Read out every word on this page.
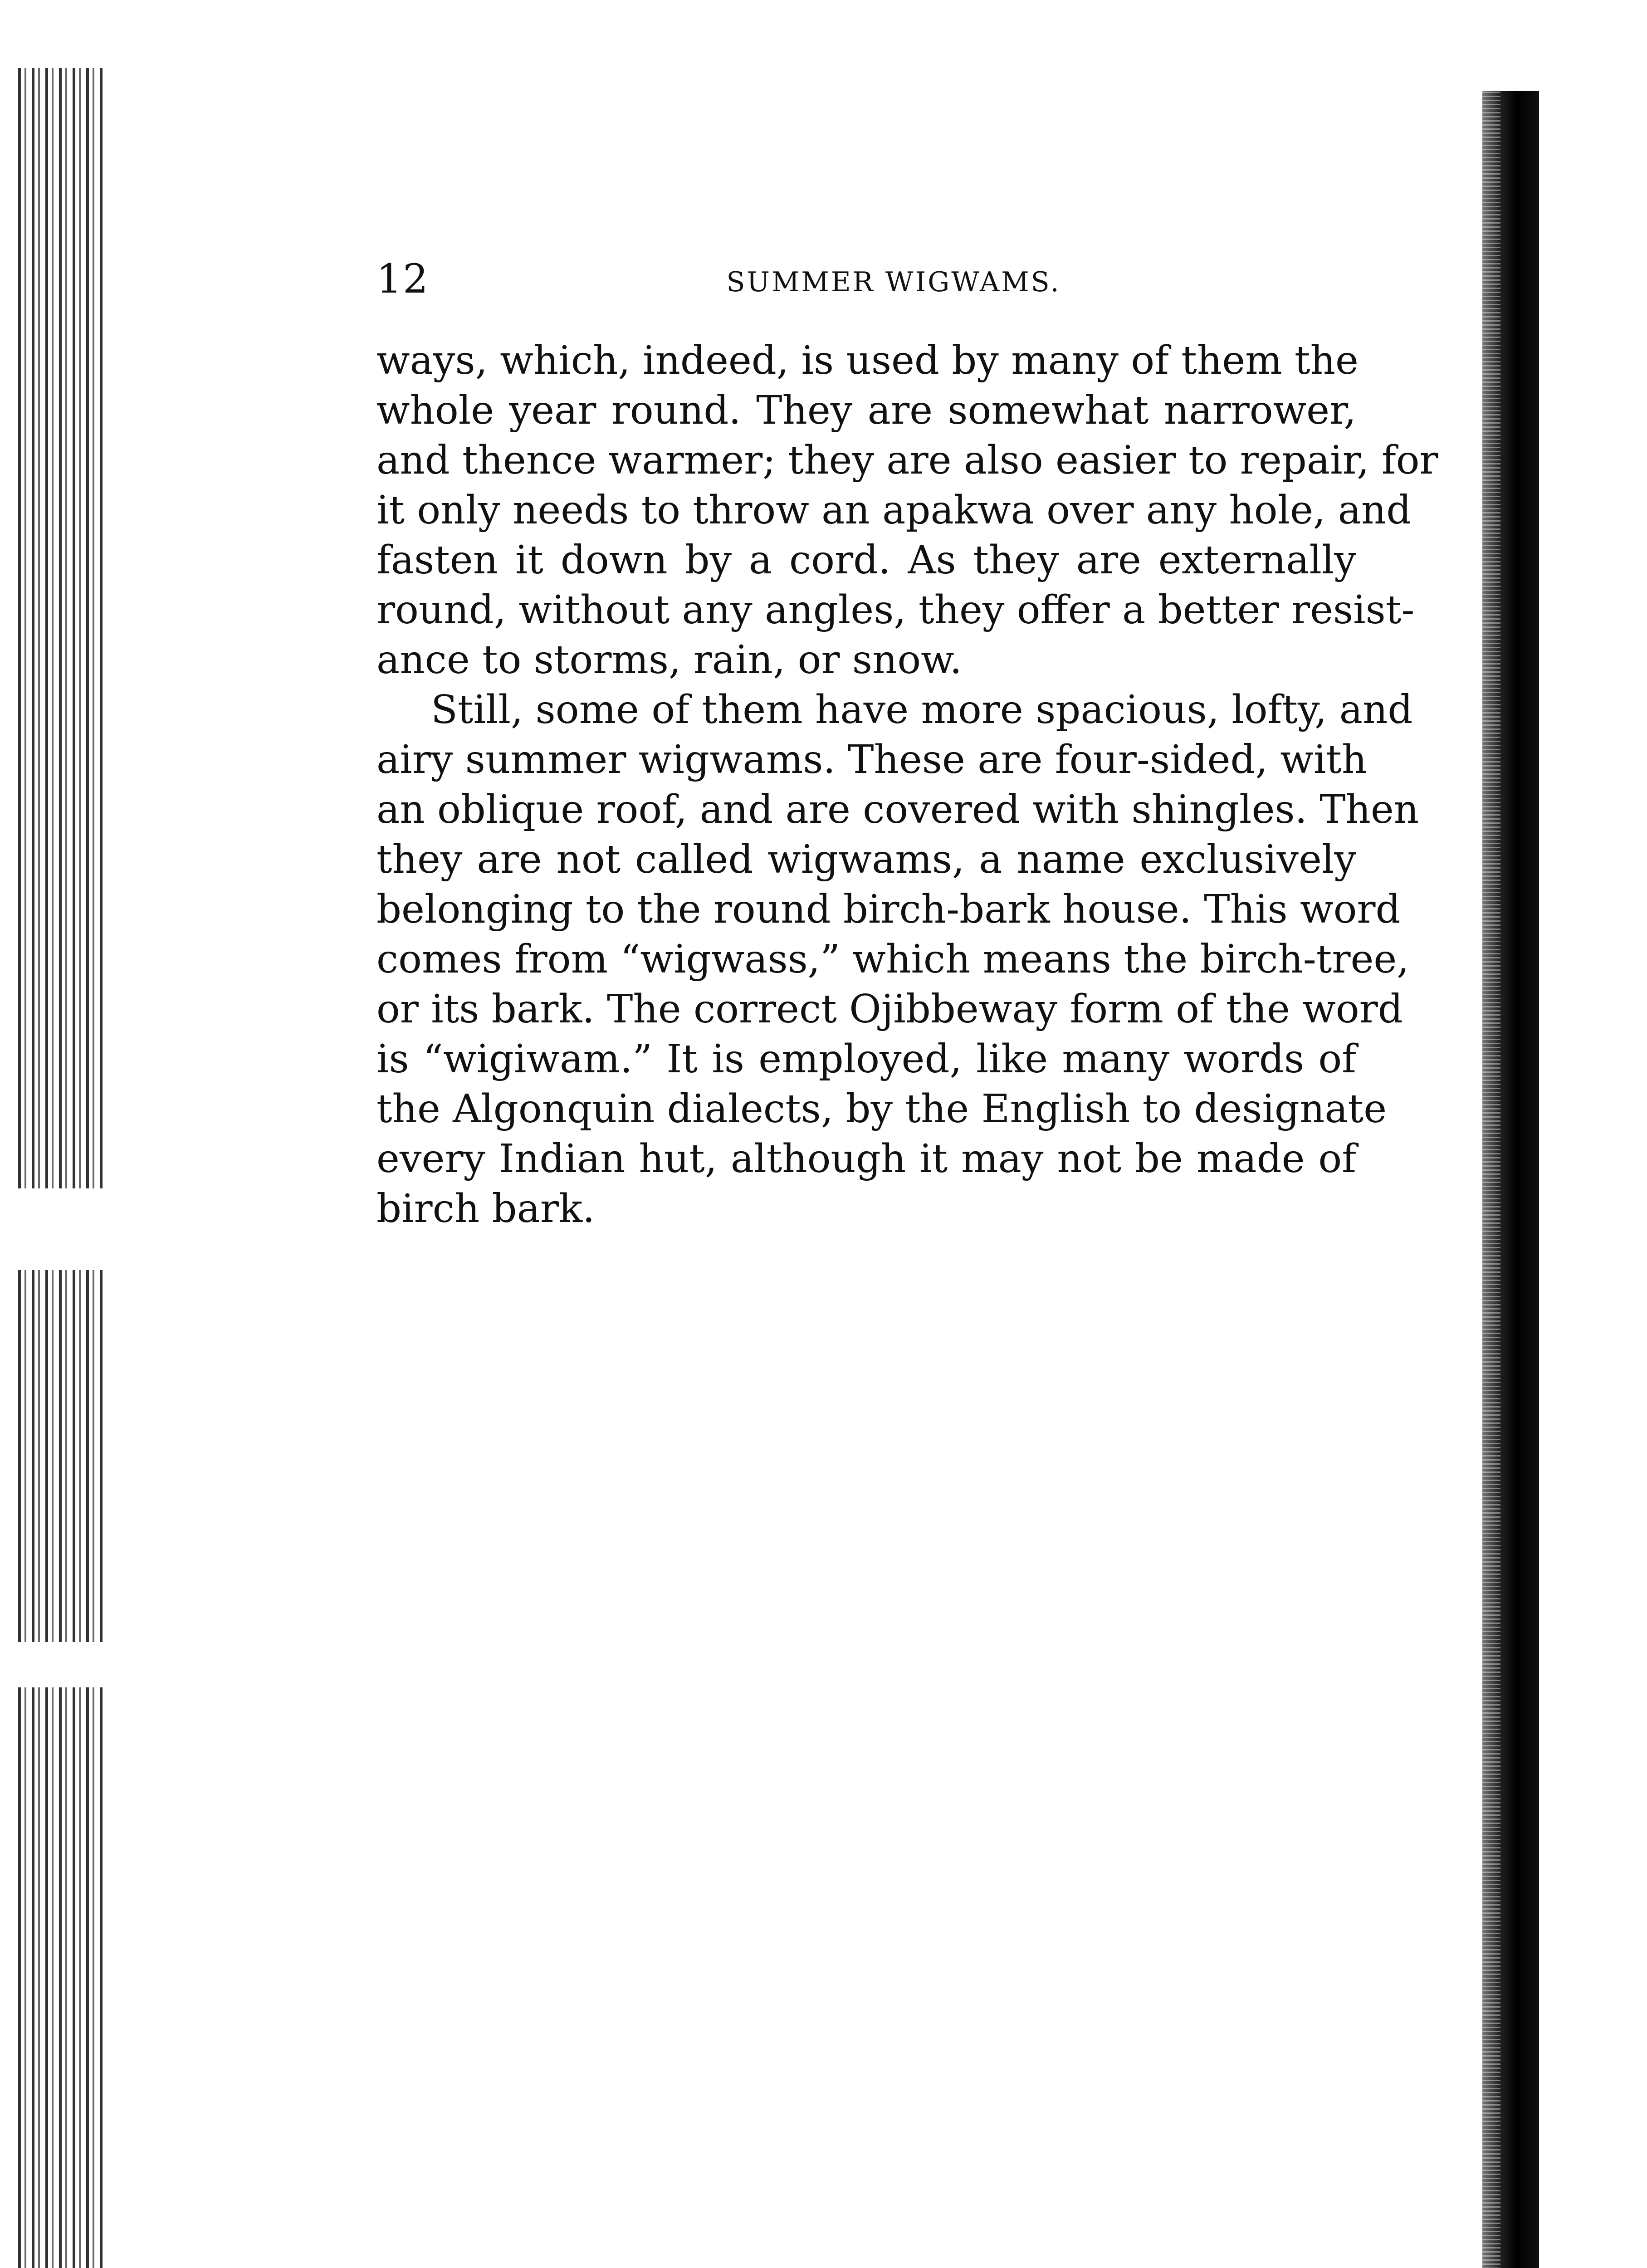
12	SUMMER WIGWAMS.
ways, which, indeed, is used by many of them the
whole year round. They are somewhat narrower,
and thence warmer; they are also easier to repair, for
it only needs to throw an apakwa over any hole, and
fasten it down by a cord. As they are externally
round, without any angles, they offer a better resist-
ance to storms, rain, or snow.
Still, some of them have more spacious, lofty, and
airy summer wigwams. These are four-sided, with
an oblique roof, and are covered with shingles. Then
they are not called wigwams, a name exclusively
belonging to the round birch-bark house. This word
comes from “wigwass,” which means the birch-tree,
or its bark. The correct Ojibbeway form of the word
is “wigiwam.” It is employed, like many words of
the Algonquin dialects, by the English to designate
every Indian hut, although it may not be made of
birch bark.
